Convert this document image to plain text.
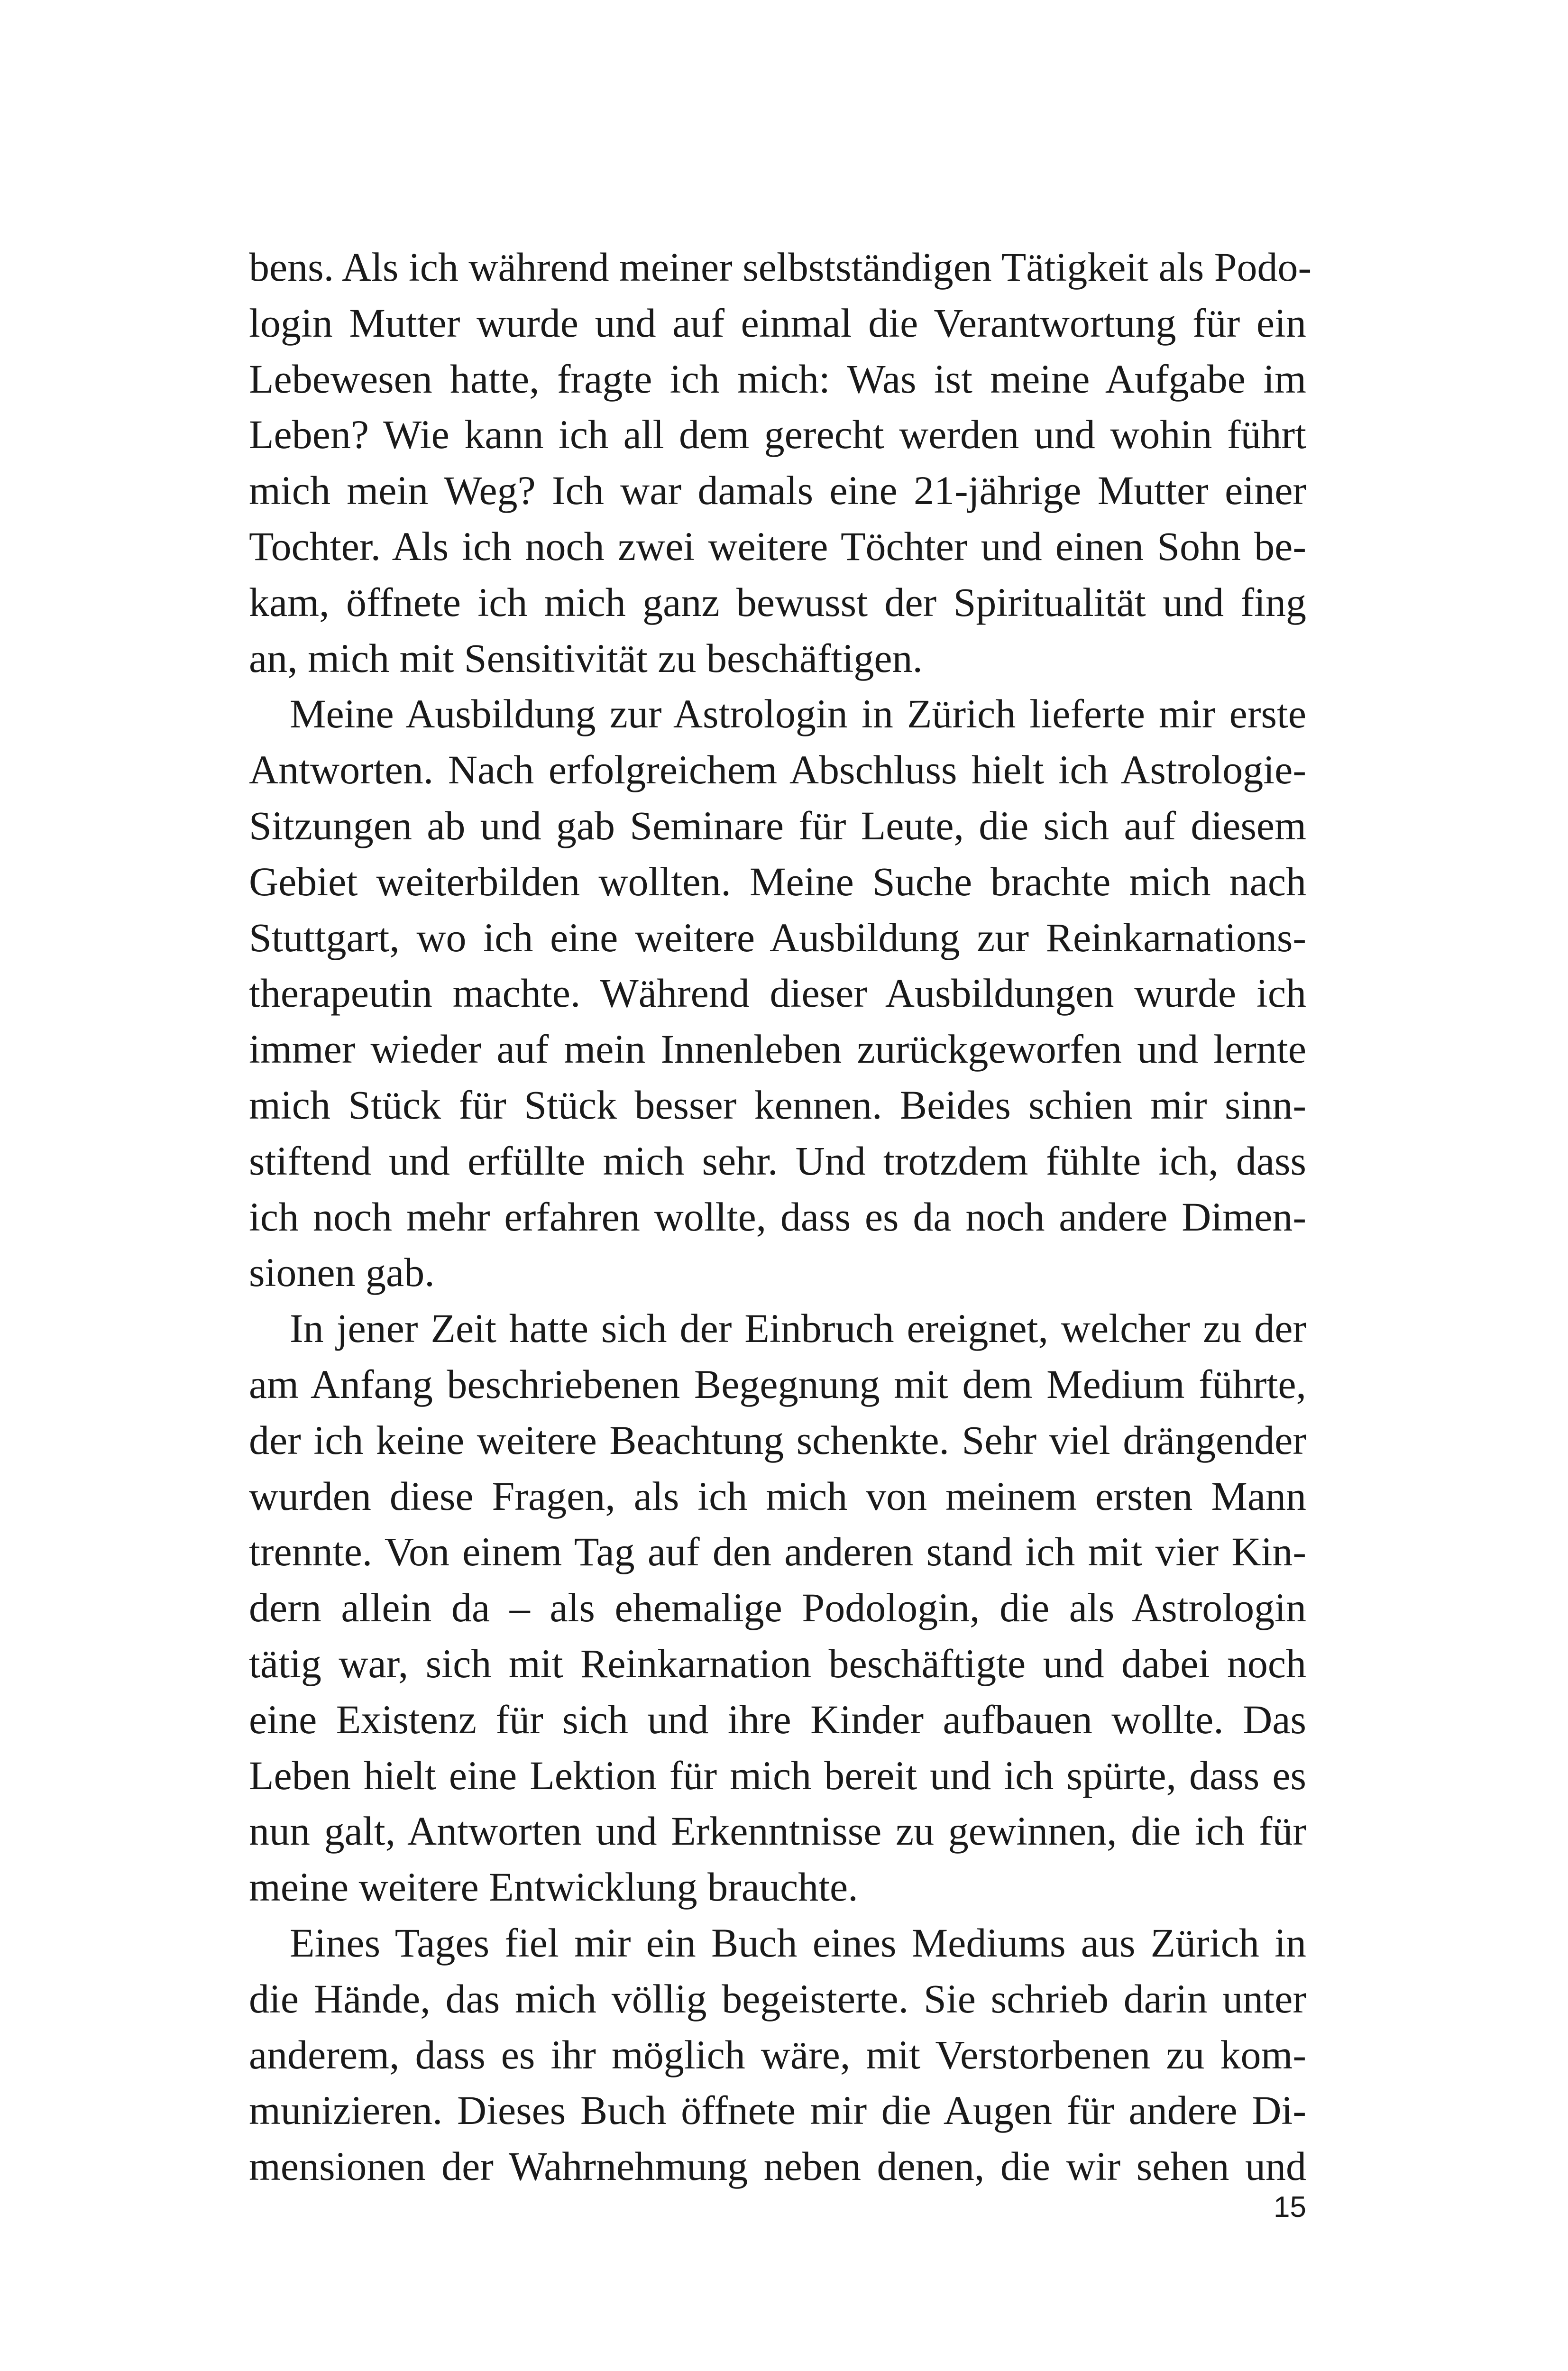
bens. Als ich während meiner selbstständigen Tätigkeit als Podo-
login Mutter wurde und auf einmal die Verantwortung für ein
Lebewesen hatte, fragte ich mich: Was ist meine Aufgabe im
Leben? Wie kann ich all dem gerecht werden und wohin führt
mich mein Weg? Ich war damals eine 21-jährige Mutter einer
Tochter. Als ich noch zwei weitere Töchter und einen Sohn be-
kam, öffnete ich mich ganz bewusst der Spiritualität und fing
an, mich mit Sensitivität zu beschäftigen.
Meine Ausbildung zur Astrologin in Zürich lieferte mir erste
Antworten. Nach erfolgreichem Abschluss hielt ich Astrologie-
Sitzungen ab und gab Seminare für Leute, die sich auf diesem
Gebiet weiterbilden wollten. Meine Suche brachte mich nach
Stuttgart, wo ich eine weitere Ausbildung zur Reinkarnations-
therapeutin machte. Während dieser Ausbildungen wurde ich
immer wieder auf mein Innenleben zurückgeworfen und lernte
mich Stück für Stück besser kennen. Beides schien mir sinn-
stiftend und erfüllte mich sehr. Und trotzdem fühlte ich, dass
ich noch mehr erfahren wollte, dass es da noch andere Dimen-
sionen gab.
In jener Zeit hatte sich der Einbruch ereignet, welcher zu der
am Anfang beschriebenen Begegnung mit dem Medium führte,
der ich keine weitere Beachtung schenkte. Sehr viel drängender
wurden diese Fragen, als ich mich von meinem ersten Mann
trennte. Von einem Tag auf den anderen stand ich mit vier Kin-
dern allein da – als ehemalige Podologin, die als Astrologin
tätig war, sich mit Reinkarnation beschäftigte und dabei noch
eine Existenz für sich und ihre Kinder aufbauen wollte. Das
Leben hielt eine Lektion für mich bereit und ich spürte, dass es
nun galt, Antworten und Erkenntnisse zu gewinnen, die ich für
meine weitere Entwicklung brauchte.
Eines Tages fiel mir ein Buch eines Mediums aus Zürich in
die Hände, das mich völlig begeisterte. Sie schrieb darin unter
anderem, dass es ihr möglich wäre, mit Verstorbenen zu kom-
munizieren. Dieses Buch öffnete mir die Augen für andere Di-
mensionen der Wahrnehmung neben denen, die wir sehen und
15
